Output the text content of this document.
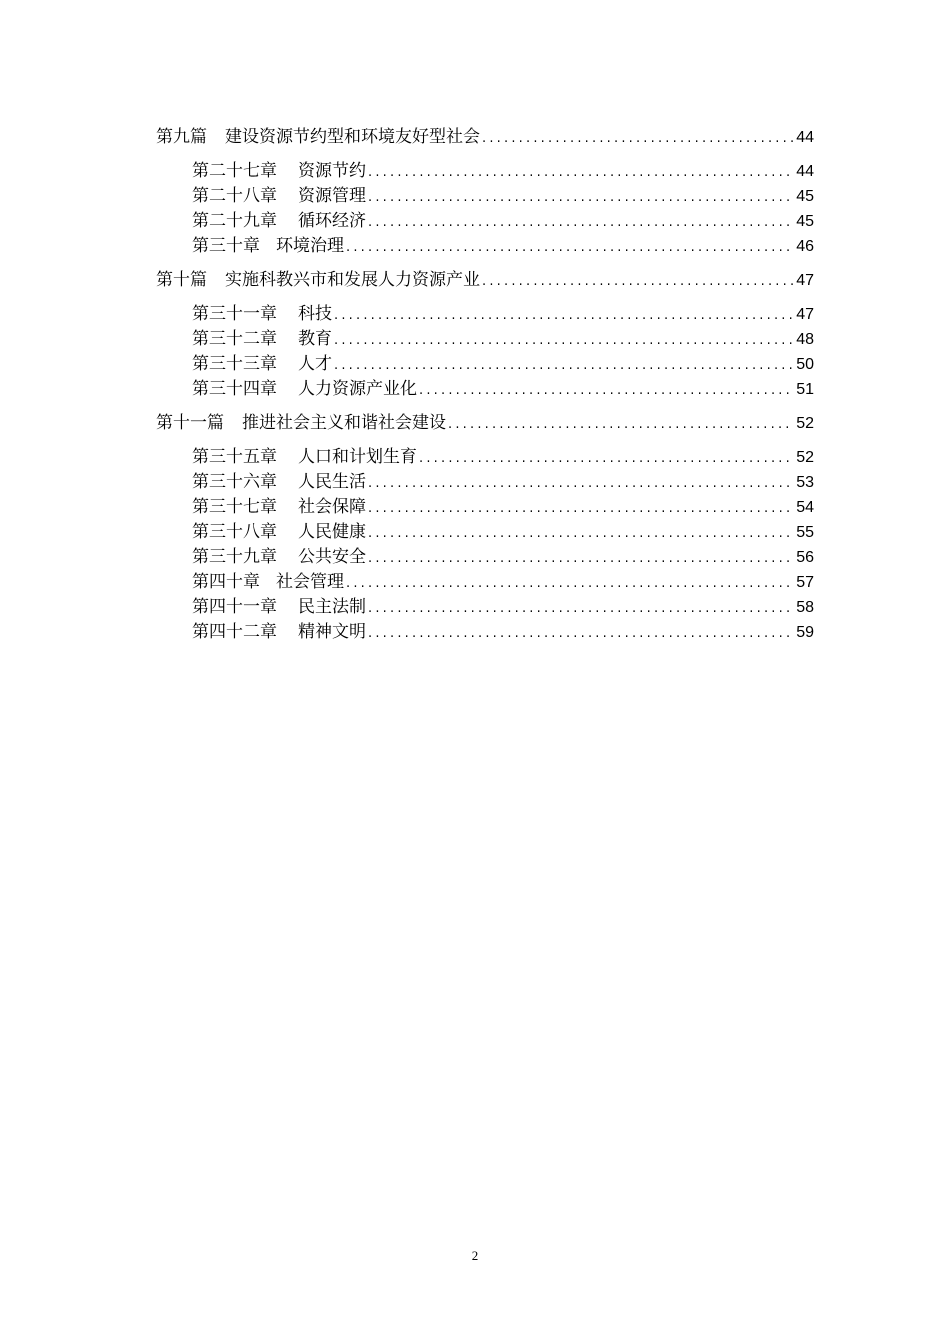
第九篇 建设资源节约型和环境友好型社会 .....	44
第二十七章 资源节约 .....	44
第二十八章 资源管理 .....	45
第二十九章 循环经济 .....	45
第三十章 环境治理 .....	46
第十篇 实施科教兴市和发展人力资源产业 .....	47
第三十一章 科技 .....	47
第三十二章 教育 .....	48
第三十三章 人才 .....	50
第三十四章 人力资源产业化 .....	51
第十一篇 推进社会主义和谐社会建设 .....	52
第三十五章 人口和计划生育 .....	52
第三十六章 人民生活 .....	53
第三十七章 社会保障 .....	54
第三十八章 人民健康 .....	55
第三十九章 公共安全 .....	56
第四十章 社会管理 .....	57
第四十一章 民主法制 .....	58
第四十二章 精神文明 .....	59
2
